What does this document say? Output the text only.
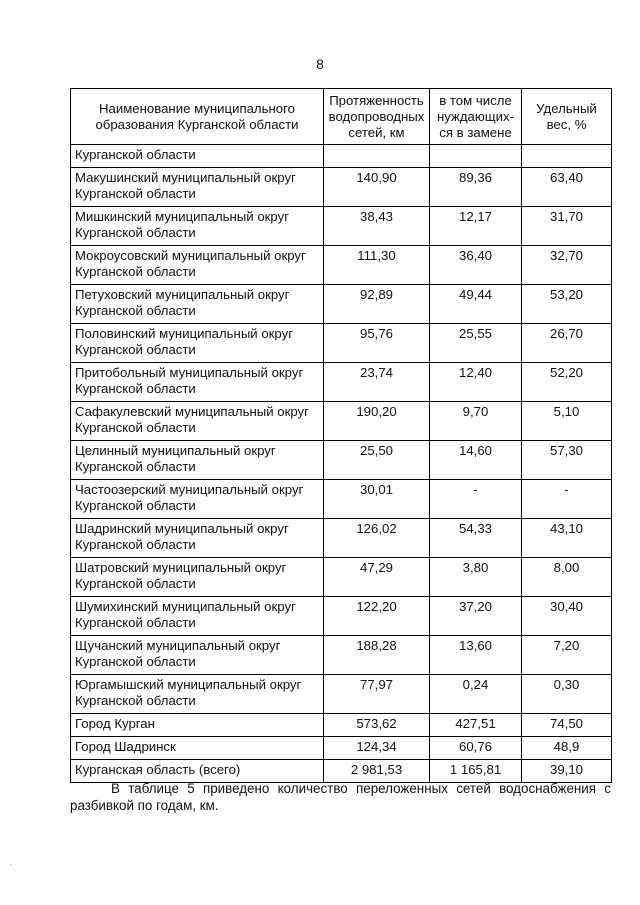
8
Наименование муниципального образования Курганской области	Протяженность водопроводных сетей, км	в том числе нуждающих-ся в замене	Удельный вес, %
Курганской области			
Макушинский муниципальный округ Курганской области	140,90	89,36	63,40
Мишкинский муниципальный округ Курганской области	38,43	12,17	31,70
Мокроусовский муниципальный округ Курганской области	111,30	36,40	32,70
Петуховский муниципальный округ Курганской области	92,89	49,44	53,20
Половинский муниципальный округ Курганской области	95,76	25,55	26,70
Притобольный муниципальный округ Курганской области	23,74	12,40	52,20
Сафакулевский муниципальный округ Курганской области	190,20	9,70	5,10
Целинный муниципальный округ Курганской области	25,50	14,60	57,30
Частоозерский муниципальный округ Курганской области	30,01	-	-
Шадринский муниципальный округ Курганской области	126,02	54,33	43,10
Шатровский муниципальный округ Курганской области	47,29	3,80	8,00
Шумихинский муниципальный округ Курганской области	122,20	37,20	30,40
Щучанский муниципальный округ Курганской области	188,28	13,60	7,20
Юргамышский муниципальный округ Курганской области	77,97	0,24	0,30
Город Курган	573,62	427,51	74,50
Город Шадринск	124,34	60,76	48,9
Курганская область (всего)	2 981,53	1 165,81	39,10
В таблице 5 приведено количество переложенных сетей водоснабжения с разбивкой по годам, км.
·
